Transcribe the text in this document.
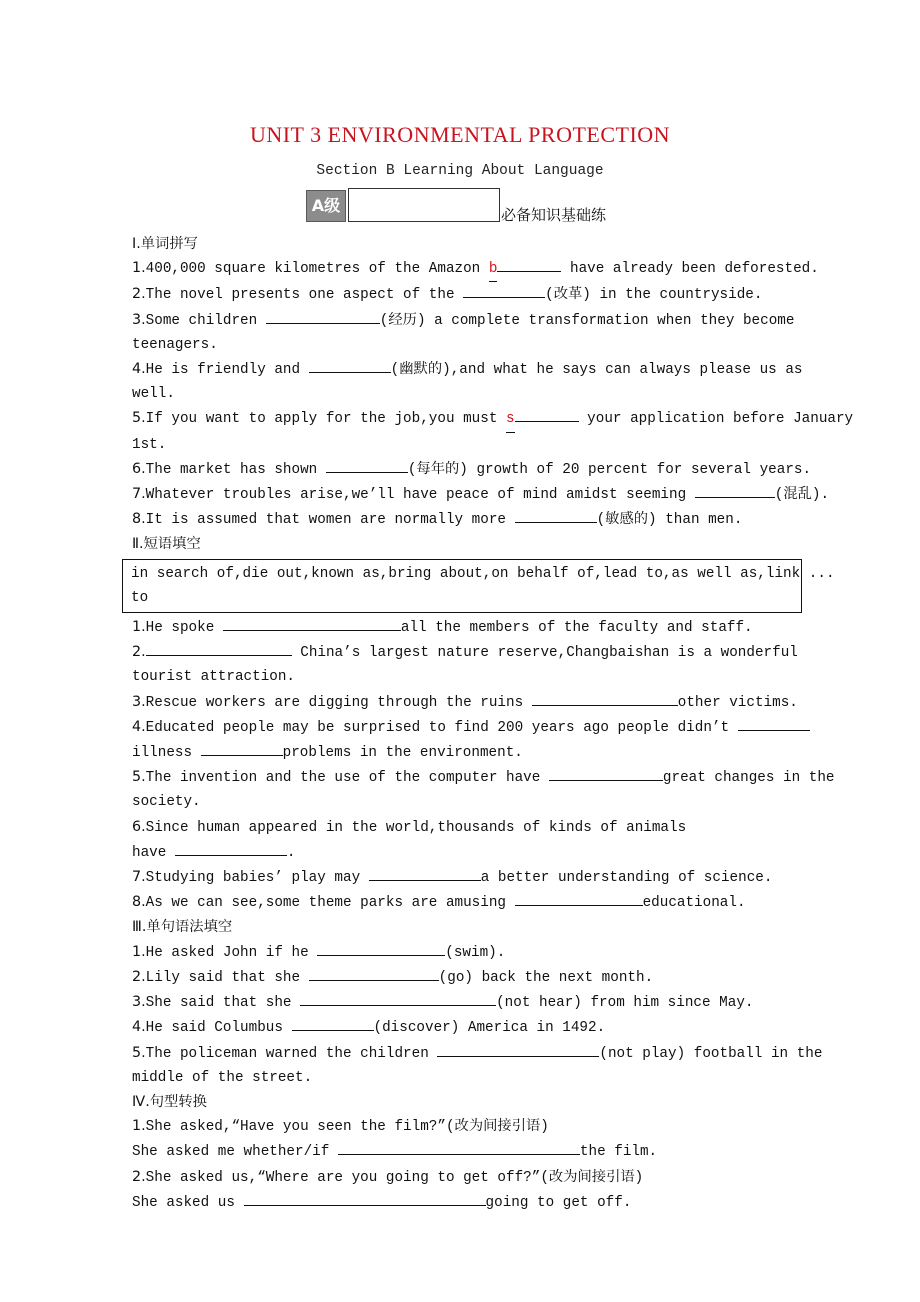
UNIT 3 ENVIRONMENTAL PROTECTION
Section B Learning About Language
A级	必备知识基础练
Ⅰ.单词拼写
1.400,000 square kilometres of the Amazon b	have already been deforested.
2.The novel presents one aspect of the	(改革) in the countryside.
3.Some children	(经历) a complete transformation when they become
teenagers.
4.He is friendly and	(幽默的),and what he says can always please us as
well.
5.If you want to apply for the job,you must s	your application before January
1st.
6.The market has shown	(每年的) growth of 20 percent for several years.
7.Whatever troubles arise,we’ll have peace of mind amidst seeming	(混乱).
8.It is assumed that women are normally more	(敏感的) than men.
Ⅱ.短语填空
in search of,die out,known as,bring about,on behalf of,lead to,as well as,link ...
to
1.He spoke	all the members of the faculty and staff.
2.	China’s largest nature reserve,Changbaishan is a wonderful
tourist attraction.
3.Rescue workers are digging through the ruins	other victims.
4.Educated people may be surprised to find 200 years ago people didn’t
illness	problems in the environment.
5.The invention and the use of the computer have	great changes in the
society.
6.Since human appeared in the world,thousands of kinds of animals
have	.
7.Studying babies’ play may	a better understanding of science.
8.As we can see,some theme parks are amusing	educational.
Ⅲ.单句语法填空
1.He asked John if he	(swim).
2.Lily said that she	(go) back the next month.
3.She said that she	(not hear) from him since May.
4.He said Columbus	(discover) America in 1492.
5.The policeman warned the children	(not play) football in the
middle of the street.
Ⅳ.句型转换
1.She asked,“Have you seen the film?”(改为间接引语)
She asked me whether/if	the film.
2.She asked us,“Where are you going to get off?”(改为间接引语)
She asked us	going to get off.
